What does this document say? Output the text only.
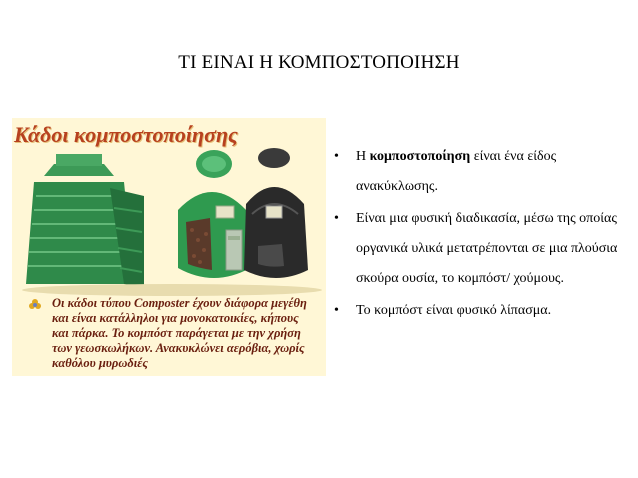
ΤΙ ΕΙΝΑΙ Η ΚΟΜΠΟΣΤΟΠΟΙΗΣΗ
Κάδοι κομποστοποίησης
Οι κάδοι τύπου Composter έχουν διάφορα μεγέθη και είναι κατάλληλοι για μονοκατοικίες, κήπους και πάρκα. Το κομπόστ παράγεται με την χρήση των γεωσκωλήκων. Ανακυκλώνει αερόβια, χωρίς καθόλου μυρωδιές
• Η κομποστοποίηση είναι ένα είδος ανακύκλωσης.
• Είναι μια φυσική διαδικασία, μέσω της οποίας οργανικά υλικά μετατρέπονται σε μια πλούσια σκούρα ουσία, το κομπόστ/ χούμους.
• Το κομπόστ είναι φυσικό λίπασμα.
